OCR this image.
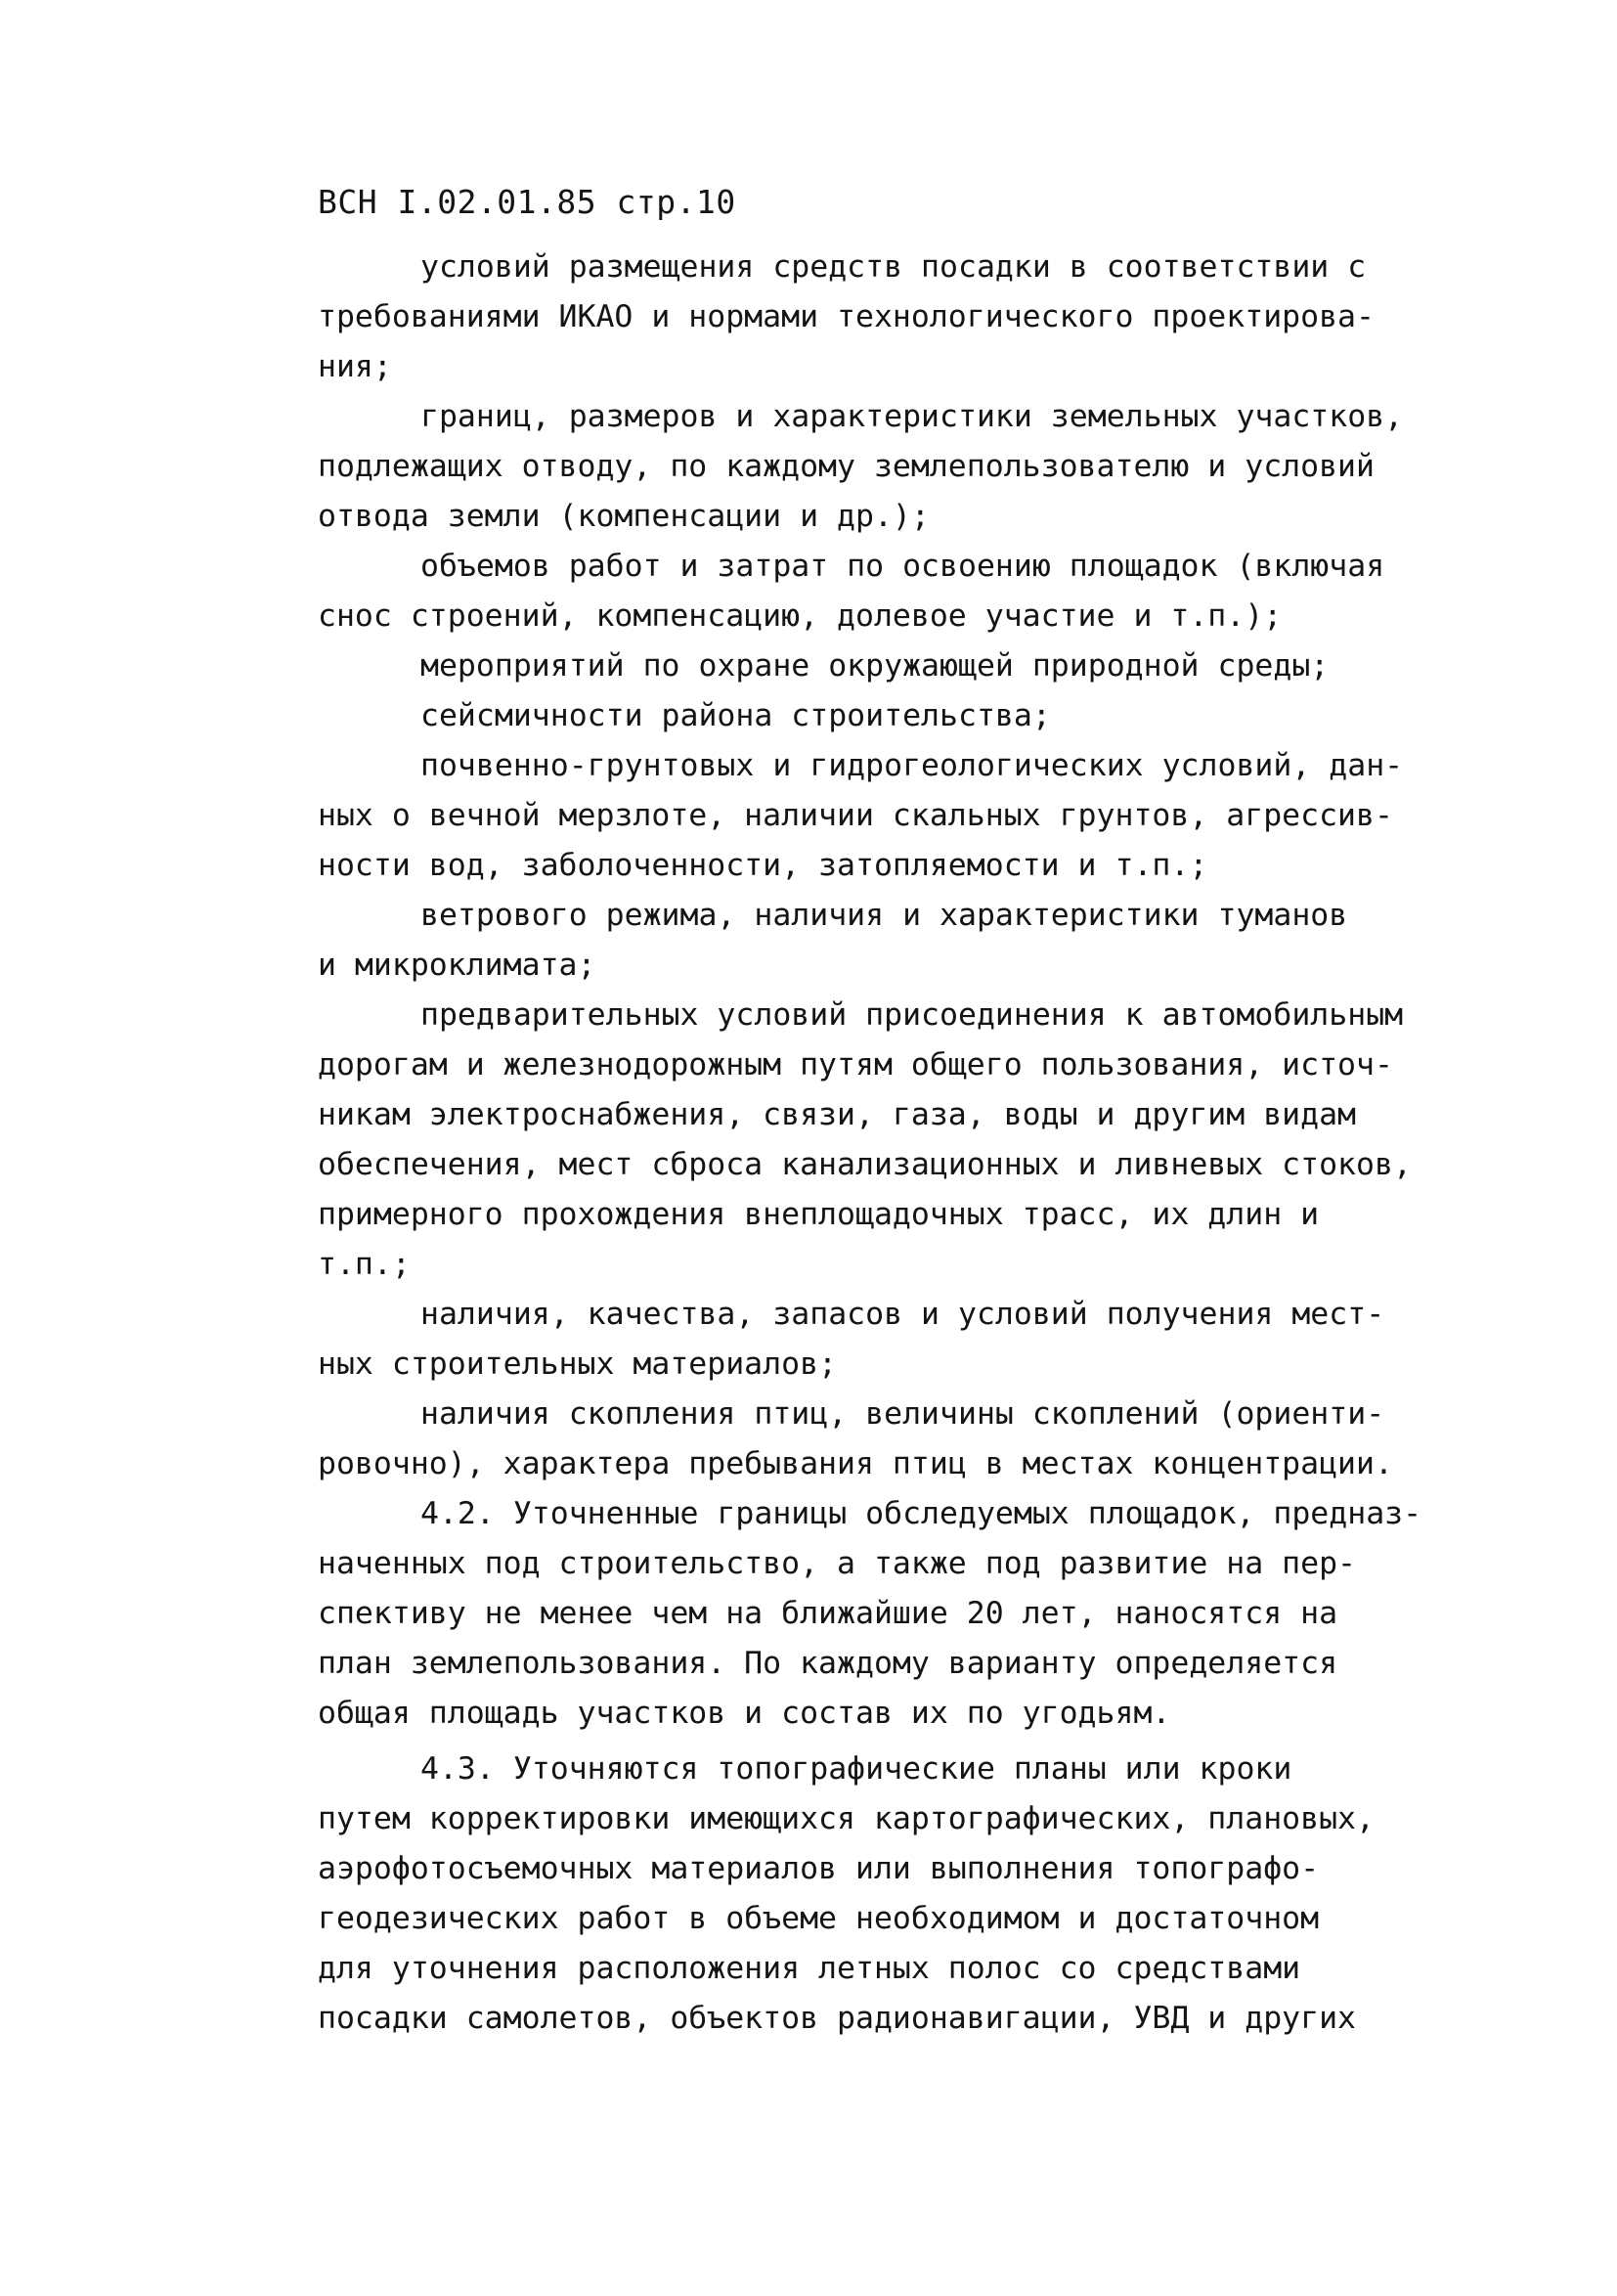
ВСН I.02.01.85 стр.10
условий размещения средств посадки в соответствии с
требованиями ИКАО и нормами технологического проектирова-
ния;
границ, размеров и характеристики земельных участков,
подлежащих отводу, по каждому землепользователю и условий
отвода земли (компенсации и др.);
объемов работ и затрат по освоению площадок (включая
снос строений, компенсацию, долевое участие и т.п.);
мероприятий по охране окружающей природной среды;
сейсмичности района строительства;
почвенно-грунтовых и гидрогеологических условий, дан-
ных о вечной мерзлоте, наличии скальных грунтов, агрессив-
ности вод, заболоченности, затопляемости и т.п.;
ветрового режима, наличия и характеристики туманов
и микроклимата;
предварительных условий присоединения к автомобильным
дорогам и железнодорожным путям общего пользования, источ-
никам электроснабжения, связи, газа, воды и другим видам
обеспечения, мест сброса канализационных и ливневых стоков,
примерного прохождения внеплощадочных трасс, их длин и
т.п.;
наличия, качества, запасов и условий получения мест-
ных строительных материалов;
наличия скопления птиц, величины скоплений (ориенти-
ровочно), характера пребывания птиц в местах концентрации.
4.2. Уточненные границы обследуемых площадок, предназ-
наченных под строительство, а также под развитие на пер-
спективу не менее чем на ближайшие 20 лет, наносятся на
план землепользования. По каждому варианту определяется
общая площадь участков и состав их по угодьям.
4.3. Уточняются топографические планы или кроки
путем корректировки имеющихся картографических, плановых,
аэрофотосъемочных материалов или выполнения топографо-
геодезических работ в объеме необходимом и достаточном
для уточнения расположения летных полос со средствами
посадки самолетов, объектов радионавигации, УВД и других
